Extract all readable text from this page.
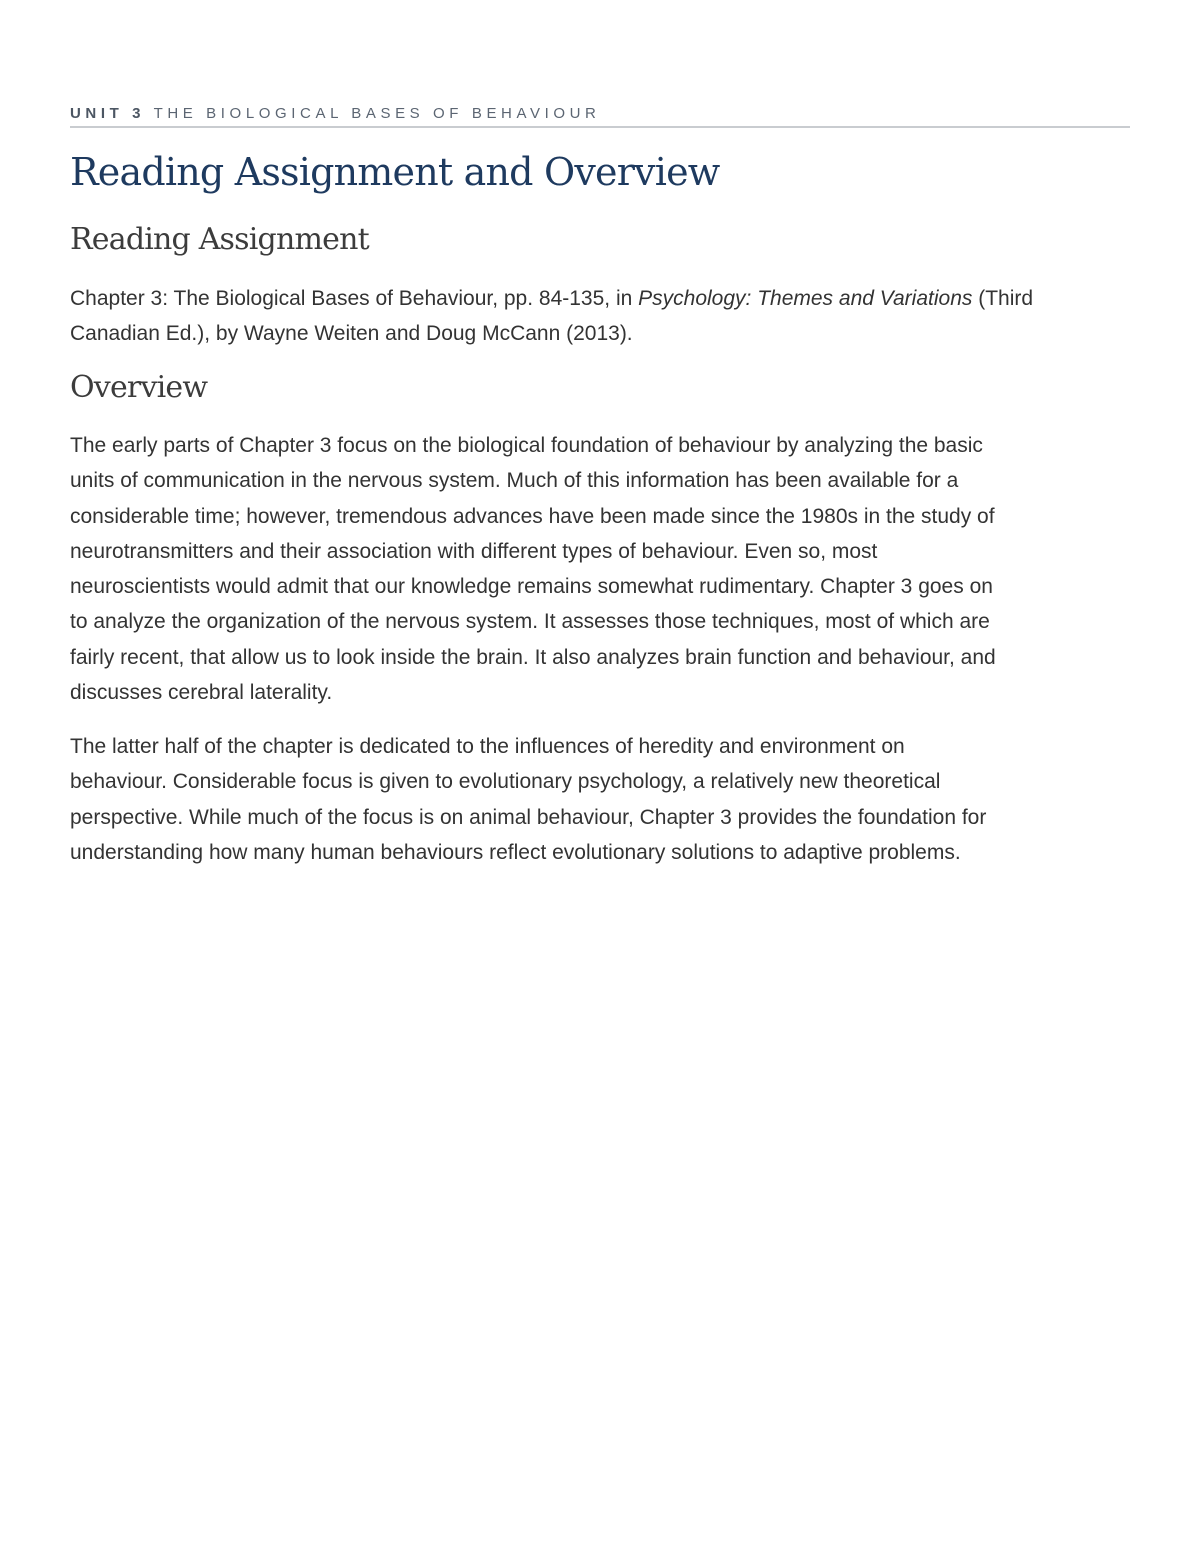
UNIT 3 THE BIOLOGICAL BASES OF BEHAVIOUR
Reading Assignment and Overview
Reading Assignment

Chapter 3: The Biological Bases of Behaviour, pp. 84-135, in Psychology: Themes and Variations (Third
Canadian Ed.), by Wayne Weiten and Doug McCann (2013).

Overview

The early parts of Chapter 3 focus on the biological foundation of behaviour by analyzing the basic
units of communication in the nervous system. Much of this information has been available for a
considerable time; however, tremendous advances have been made since the 1980s in the study of
neurotransmitters and their association with different types of behaviour. Even so, most
neuroscientists would admit that our knowledge remains somewhat rudimentary. Chapter 3 goes on
to analyze the organization of the nervous system. It assesses those techniques, most of which are
fairly recent, that allow us to look inside the brain. It also analyzes brain function and behaviour, and
discusses cerebral laterality.

The latter half of the chapter is dedicated to the influences of heredity and environment on
behaviour. Considerable focus is given to evolutionary psychology, a relatively new theoretical
perspective. While much of the focus is on animal behaviour, Chapter 3 provides the foundation for
understanding how many human behaviours reflect evolutionary solutions to adaptive problems.
